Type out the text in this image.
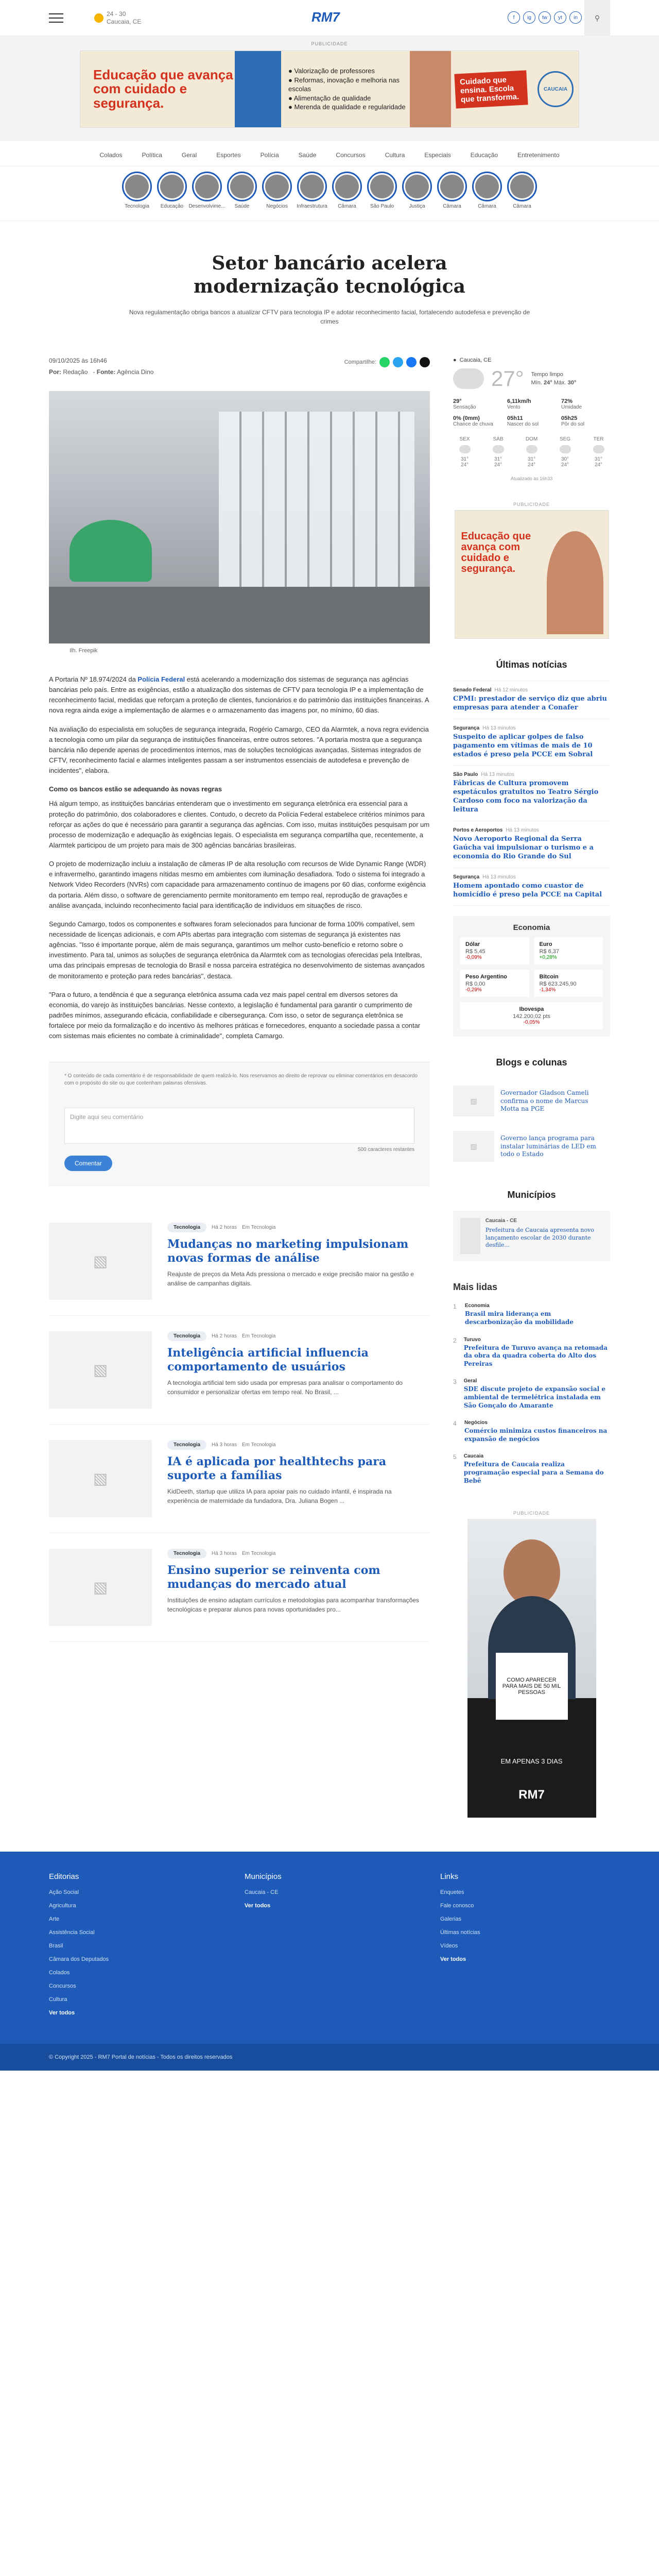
24 - 30
Caucaia, CE	RM7	f	ig	tw	yt	in	⚲
PUBLICIDADE
Educação que avança com cuidado e segurança.
● Valorização de professores
● Reformas, inovação e melhoria nas escolas
● Alimentação de qualidade
● Merenda de qualidade e regularidade
Cuidado que ensina. Escola que transforma.
CAUCAIA
Colados	Política	Geral	Esportes	Polícia	Saúde	Concursos	Cultura	Especiais	Educação	Entretenimento
Tecnologia Educação Desenvolvime... Saúde	Negócios Infraestrutura Câmara	São Paulo	Justiça	Câmara	Câmara	Câmara
Setor bancário acelera modernização tecnológica

Nova regulamentação obriga bancos a atualizar CFTV para tecnologia IP e adotar reconhecimento facial, fortalecendo autodefesa e prevenção de crimes

09/10/2025 às 16h46
Por: Redação   - Fonte: Agência Dino
Compartilhe:
Ilh. Freepik

A Portaria Nº 18.974/2024 da Polícia Federal está acelerando a modernização dos sistemas de segurança nas agências bancárias pelo país. Entre as exigências, estão a atualização dos sistemas de CFTV para tecnologia IP e a implementação de reconhecimento facial, medidas que reforçam a proteção de clientes, funcionários e do patrimônio das instituições financeiras. A nova regra ainda exige a implementação de alarmes e o armazenamento das imagens por, no mínimo, 60 dias.

Na avaliação do especialista em soluções de segurança integrada, Rogério Camargo, CEO da Alarmtek, a nova regra evidencia a tecnologia como um pilar da segurança de instituições financeiras, entre outros setores. "A portaria mostra que a segurança bancária não depende apenas de procedimentos internos, mas de soluções tecnológicas avançadas. Sistemas integrados de CFTV, reconhecimento facial e alarmes inteligentes passam a ser instrumentos essenciais de autodefesa e prevenção de incidentes", elabora.

Como os bancos estão se adequando às novas regras

Há algum tempo, as instituições bancárias entenderam que o investimento em segurança eletrônica era essencial para a proteção do patrimônio, dos colaboradores e clientes. Contudo, o decreto da Polícia Federal estabelece critérios mínimos para reforçar as ações do que é necessário para garantir a segurança das agências. Com isso, muitas instituições pesquisam por um processo de modernização e adequação às exigências legais. O especialista em segurança compartilha que, recentemente, a Alarmtek participou de um projeto para mais de 300 agências bancárias brasileiras.

O projeto de modernização incluiu a instalação de câmeras IP de alta resolução com recursos de Wide Dynamic Range (WDR) e infravermelho, garantindo imagens nítidas mesmo em ambientes com iluminação desafiadora. Todo o sistema foi integrado a Network Video Recorders (NVRs) com capacidade para armazenamento contínuo de imagens por 60 dias, conforme exigência da portaria. Além disso, o software de gerenciamento permite monitoramento em tempo real, reprodução de gravações e análise avançada, incluindo reconhecimento facial para identificação de indivíduos em situações de risco.

Segundo Camargo, todos os componentes e softwares foram selecionados para funcionar de forma 100% compatível, sem necessidade de licenças adicionais, e com APIs abertas para integração com sistemas de segurança já existentes nas agências. "Isso é importante porque, além de mais segurança, garantimos um melhor custo-benefício e retorno sobre o investimento. Para tal, unimos as soluções de segurança eletrônica da Alarmtek com as tecnologias oferecidas pela Intelbras, uma das principais empresas de tecnologia do Brasil e nossa parceira estratégica no desenvolvimento de sistemas avançados de monitoramento e proteção para redes bancárias", destaca.

"Para o futuro, a tendência é que a segurança eletrônica assuma cada vez mais papel central em diversos setores da economia, do varejo às instituições bancárias. Nesse contexto, a legislação é fundamental para garantir o cumprimento de padrões mínimos, assegurando eficácia, confiabilidade e cibersegurança. Com isso, o setor de segurança eletrônica se fortalece por meio da formalização e do incentivo às melhores práticas e fornecedores, enquanto a sociedade passa a contar com sistemas mais eficientes no combate à criminalidade", completa Camargo.

* O conteúdo de cada comentário é de responsabilidade de quem realizá-lo. Nos reservamos ao direito de reprovar ou eliminar comentários em desacordo com o propósito do site ou que contenham palavras ofensivas.
Digite aqui seu comentário
500 caracteres restantes
Comentar
▧
Tecnologia	Há 2 horas Em Tecnologia
Mudanças no marketing impulsionam novas formas de análise

Reajuste de preços da Meta Ads pressiona o mercado e exige precisão maior na gestão e análise de campanhas digitais.

▧
Tecnologia	Há 2 horas Em Tecnologia
Inteligência artificial influencia comportamento de usuários

A tecnologia artificial tem sido usada por empresas para analisar o comportamento do consumidor e personalizar ofertas em tempo real. No Brasil, ...

▧
Tecnologia	Há 3 horas Em Tecnologia
IA é aplicada por healthtechs para suporte a famílias

KidDeeth, startup que utiliza IA para apoiar pais no cuidado infantil, é inspirada na experiência de maternidade da fundadora, Dra. Juliana Bogen ...

▧
Tecnologia	Há 3 horas Em Tecnologia
Ensino superior se reinventa com mudanças do mercado atual

Instituições de ensino adaptam currículos e metodologias para acompanhar transformações tecnológicas e preparar alunos para novas oportunidades pro...

● Caucaia, CE
27° Tempo limpo
Mín. 24° Máx. 30°
29°
Sensação
6,11km/h
Vento
72%
Umidade
0% (0mm)
Chance de chuva
05h11
Nascer do sol
05h25
Pôr do sol
SEX
31°
24°
SÁB
31°
24°
DOM
31°
24°
SEG
30°
24°
TER
31°
24°
Atualizado às 16h33
PUBLICIDADE
Educação que avança com cuidado e segurança.
Últimas notícias
Senado Federal Há 12 minutos
CPMI: prestador de serviço diz que abriu empresas para atender a Conafer
Segurança Há 13 minutos
Suspeito de aplicar golpes de falso pagamento em vítimas de mais de 10 estados é preso pela PCCE em Sobral
São Paulo Há 13 minutos
Fábricas de Cultura promovem espetáculos gratuitos no Teatro Sérgio Cardoso com foco na valorização da leitura
Portos e Aeroportos Há 13 minutos
Novo Aeroporto Regional da Serra Gaúcha vai impulsionar o turismo e a economia do Rio Grande do Sul
Segurança Há 13 minutos
Homem apontado como cuastor de homicídio é preso pela PCCE na Capital
Economia
Dólar
R$ 5,45
-0,09%
Euro
R$ 6,37
+0,28%
Peso Argentino
R$ 0,00
-0,29%
Bitcoin
R$ 623.245,90
-1,34%
Ibovespa
142.200,02 pts
-0,05%
Blogs e colunas
▧
Governador Gladson Cameli confirma o nome de Marcus Motta na PGE
▧
Governo lança programa para instalar luminárias de LED em todo o Estado
Municípios
Caucaia - CE
Prefeitura de Caucaia apresenta novo lançamento escolar de 2030 durante desfile...
Mais lidas
1 Economia
Brasil mira liderança em descarbonização da mobilidade
2 Turuvo
Prefeitura de Turuvo avança na retomada da obra da quadra coberta do Alto dos Pereiras
3 Geral
SDE discute projeto de expansão social e ambiental de termelétrica instalada em São Gonçalo do Amarante
4 Negócios
Comércio minimiza custos financeiros na expansão de negócios
5 Caucaia
Prefeitura de Caucaia realiza programação especial para a Semana do Bebê
PUBLICIDADE
COMO APARECER PARA MAIS DE 50 MIL PESSOAS
EM APENAS 3 DIAS
RM7
Editorias
Ação Social
Agricultura
Arte
Assistência Social
Brasil
Câmara dos Deputados
Colados
Concursos
Cultura
Ver todos
Municípios
Caucaia - CE
Ver todos
Links
Enquetes
Fale conosco
Galerias
Últimas notícias
Vídeos
Ver todos
© Copyright 2025 - RM7 Portal de notícias - Todos os direitos reservados
